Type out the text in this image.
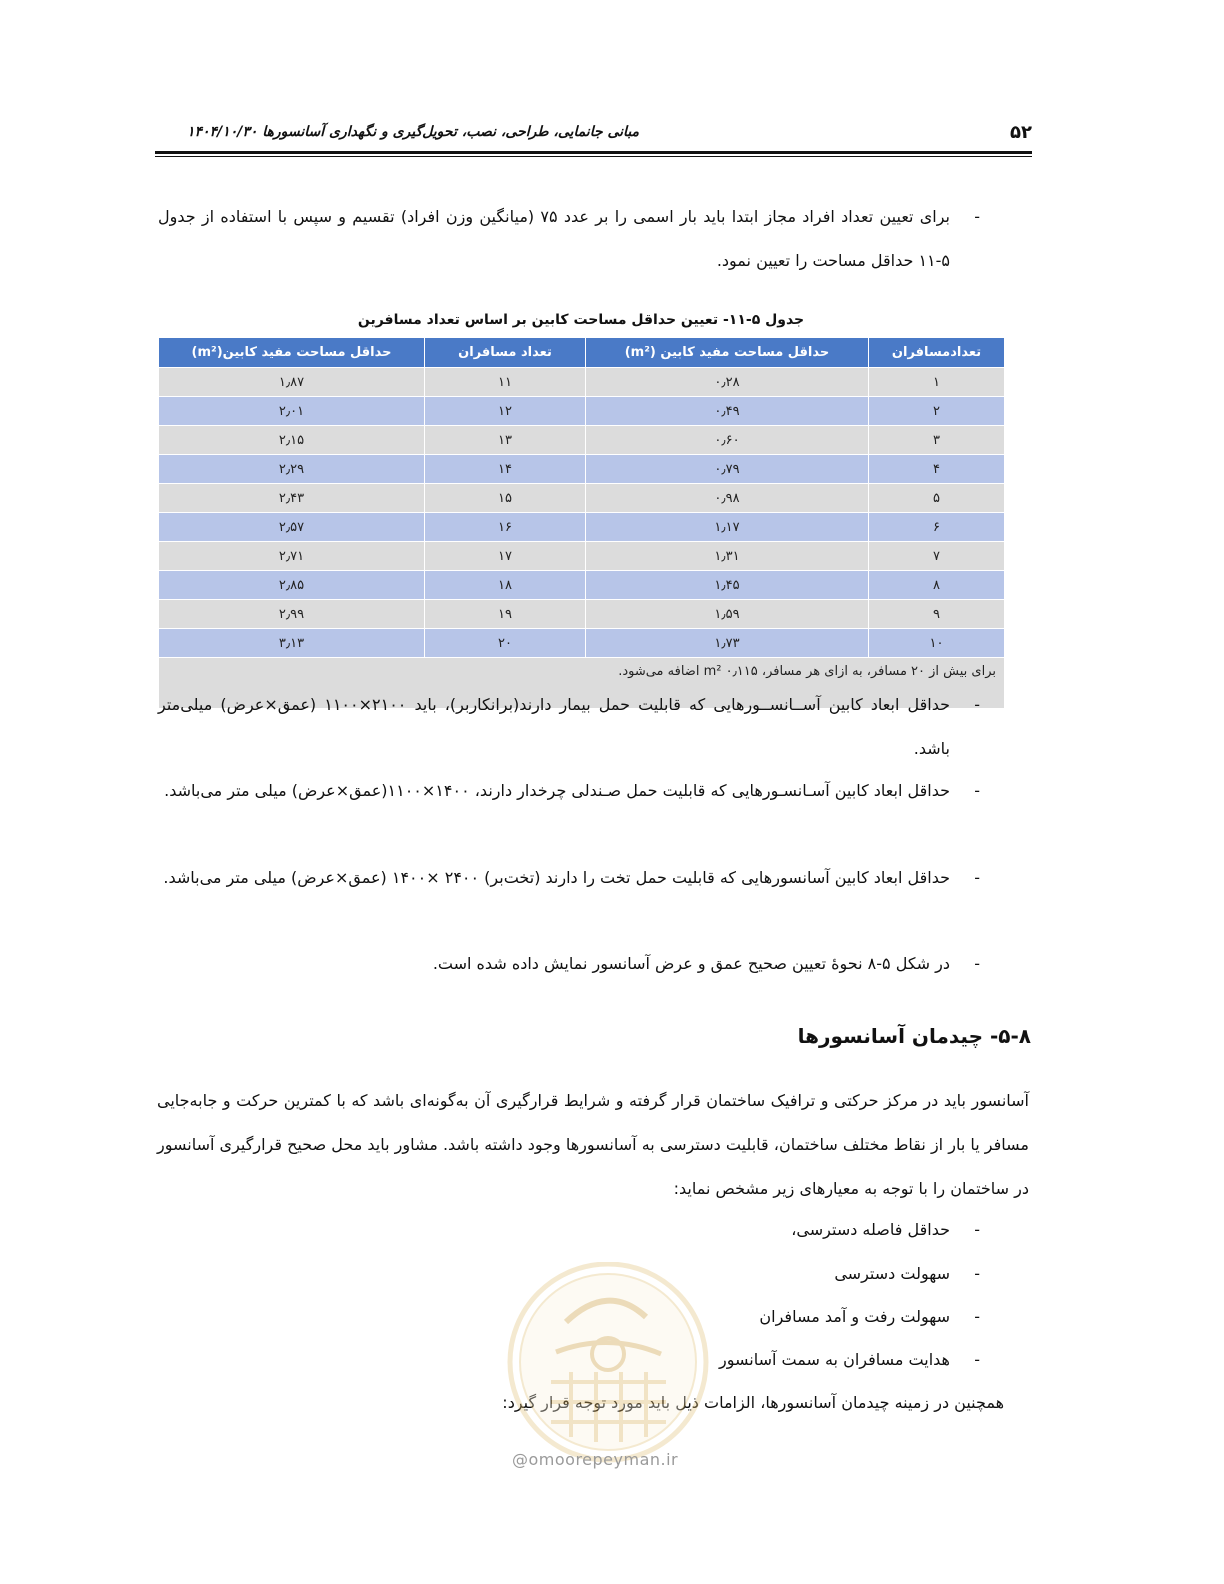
۵۲
مبانی جانمایی، طراحی، نصب، تحویل‌گیری و نگهداری آسانسورها ۱۴۰۴/۱۰/۳۰
-
برای تعیین تعداد افراد مجاز ابتدا باید بار اسمی را بر عدد ۷۵ (میانگین وزن افراد) تقسیم و سپس با استفاده از جدول ۵-۱۱ حداقل مساحت را تعیین نمود.
جدول ۵-۱۱- تعیین حداقل مساحت کابین بر اساس تعداد مسافرین
تعدادمسافران	حداقل مساحت مفید کابین (m²)	تعداد مسافران	حداقل مساحت مفید کابین(m²)
۱	۰٫۲۸	۱۱	۱٫۸۷
۲	۰٫۴۹	۱۲	۲٫۰۱
۳	۰٫۶۰	۱۳	۲٫۱۵
۴	۰٫۷۹	۱۴	۲٫۲۹
۵	۰٫۹۸	۱۵	۲٫۴۳
۶	۱٫۱۷	۱۶	۲٫۵۷
۷	۱٫۳۱	۱۷	۲٫۷۱
۸	۱٫۴۵	۱۸	۲٫۸۵
۹	۱٫۵۹	۱۹	۲٫۹۹
۱۰	۱٫۷۳	۲۰	۳٫۱۳
برای بیش از ۲۰ مسافر، به ازای هر مسافر، m² ۰٫۱۱۵ اضافه می‌شود.			
-
حداقل ابعاد کابین آســانســورهایی که قابلیت حمل بیمار دارند(برانکاربر)، باید ۲۱۰۰×۱۱۰۰ (عمق×عرض) میلی‌متر باشد.
-
حداقل ابعاد کابین آسـانسـورهایی که قابلیت حمل صـندلی چرخدار دارند، ۱۴۰۰×۱۱۰۰(عمق×عرض) میلی متر می‌باشد.
-
حداقل ابعاد کابین آسانسورهایی که قابلیت حمل تخت را دارند (تخت‌بر) ۲۴۰۰ ×۱۴۰۰ (عمق×عرض) میلی متر می‌باشد.
-
در شکل ۵-۸ نحوهٔ تعیین صحیح عمق و عرض آسانسور نمایش داده شده است.
۵-۸- چیدمان آسانسورها
آسانسور باید در مرکز حرکتی و ترافیک ساختمان قرار گرفته و شرایط قرارگیری آن به‌گونه‌ای باشد که با کمترین حرکت و جابه‌جایی مسافر یا بار از نقاط مختلف ساختمان، قابلیت دسترسی به آسانسورها وجود داشته باشد. مشاور باید محل صحیح قرارگیری آسانسور در ساختمان را با توجه به معیارهای زیر مشخص نماید:
-
حداقل فاصله دسترسی،
-
سهولت دسترسی
-
سهولت رفت و آمد مسافران
-
هدایت مسافران به سمت آسانسور
همچنین در زمینه چیدمان آسانسورها، الزامات ذیل باید مورد توجه قرار گیرد:
@omoorepeyman.ir
